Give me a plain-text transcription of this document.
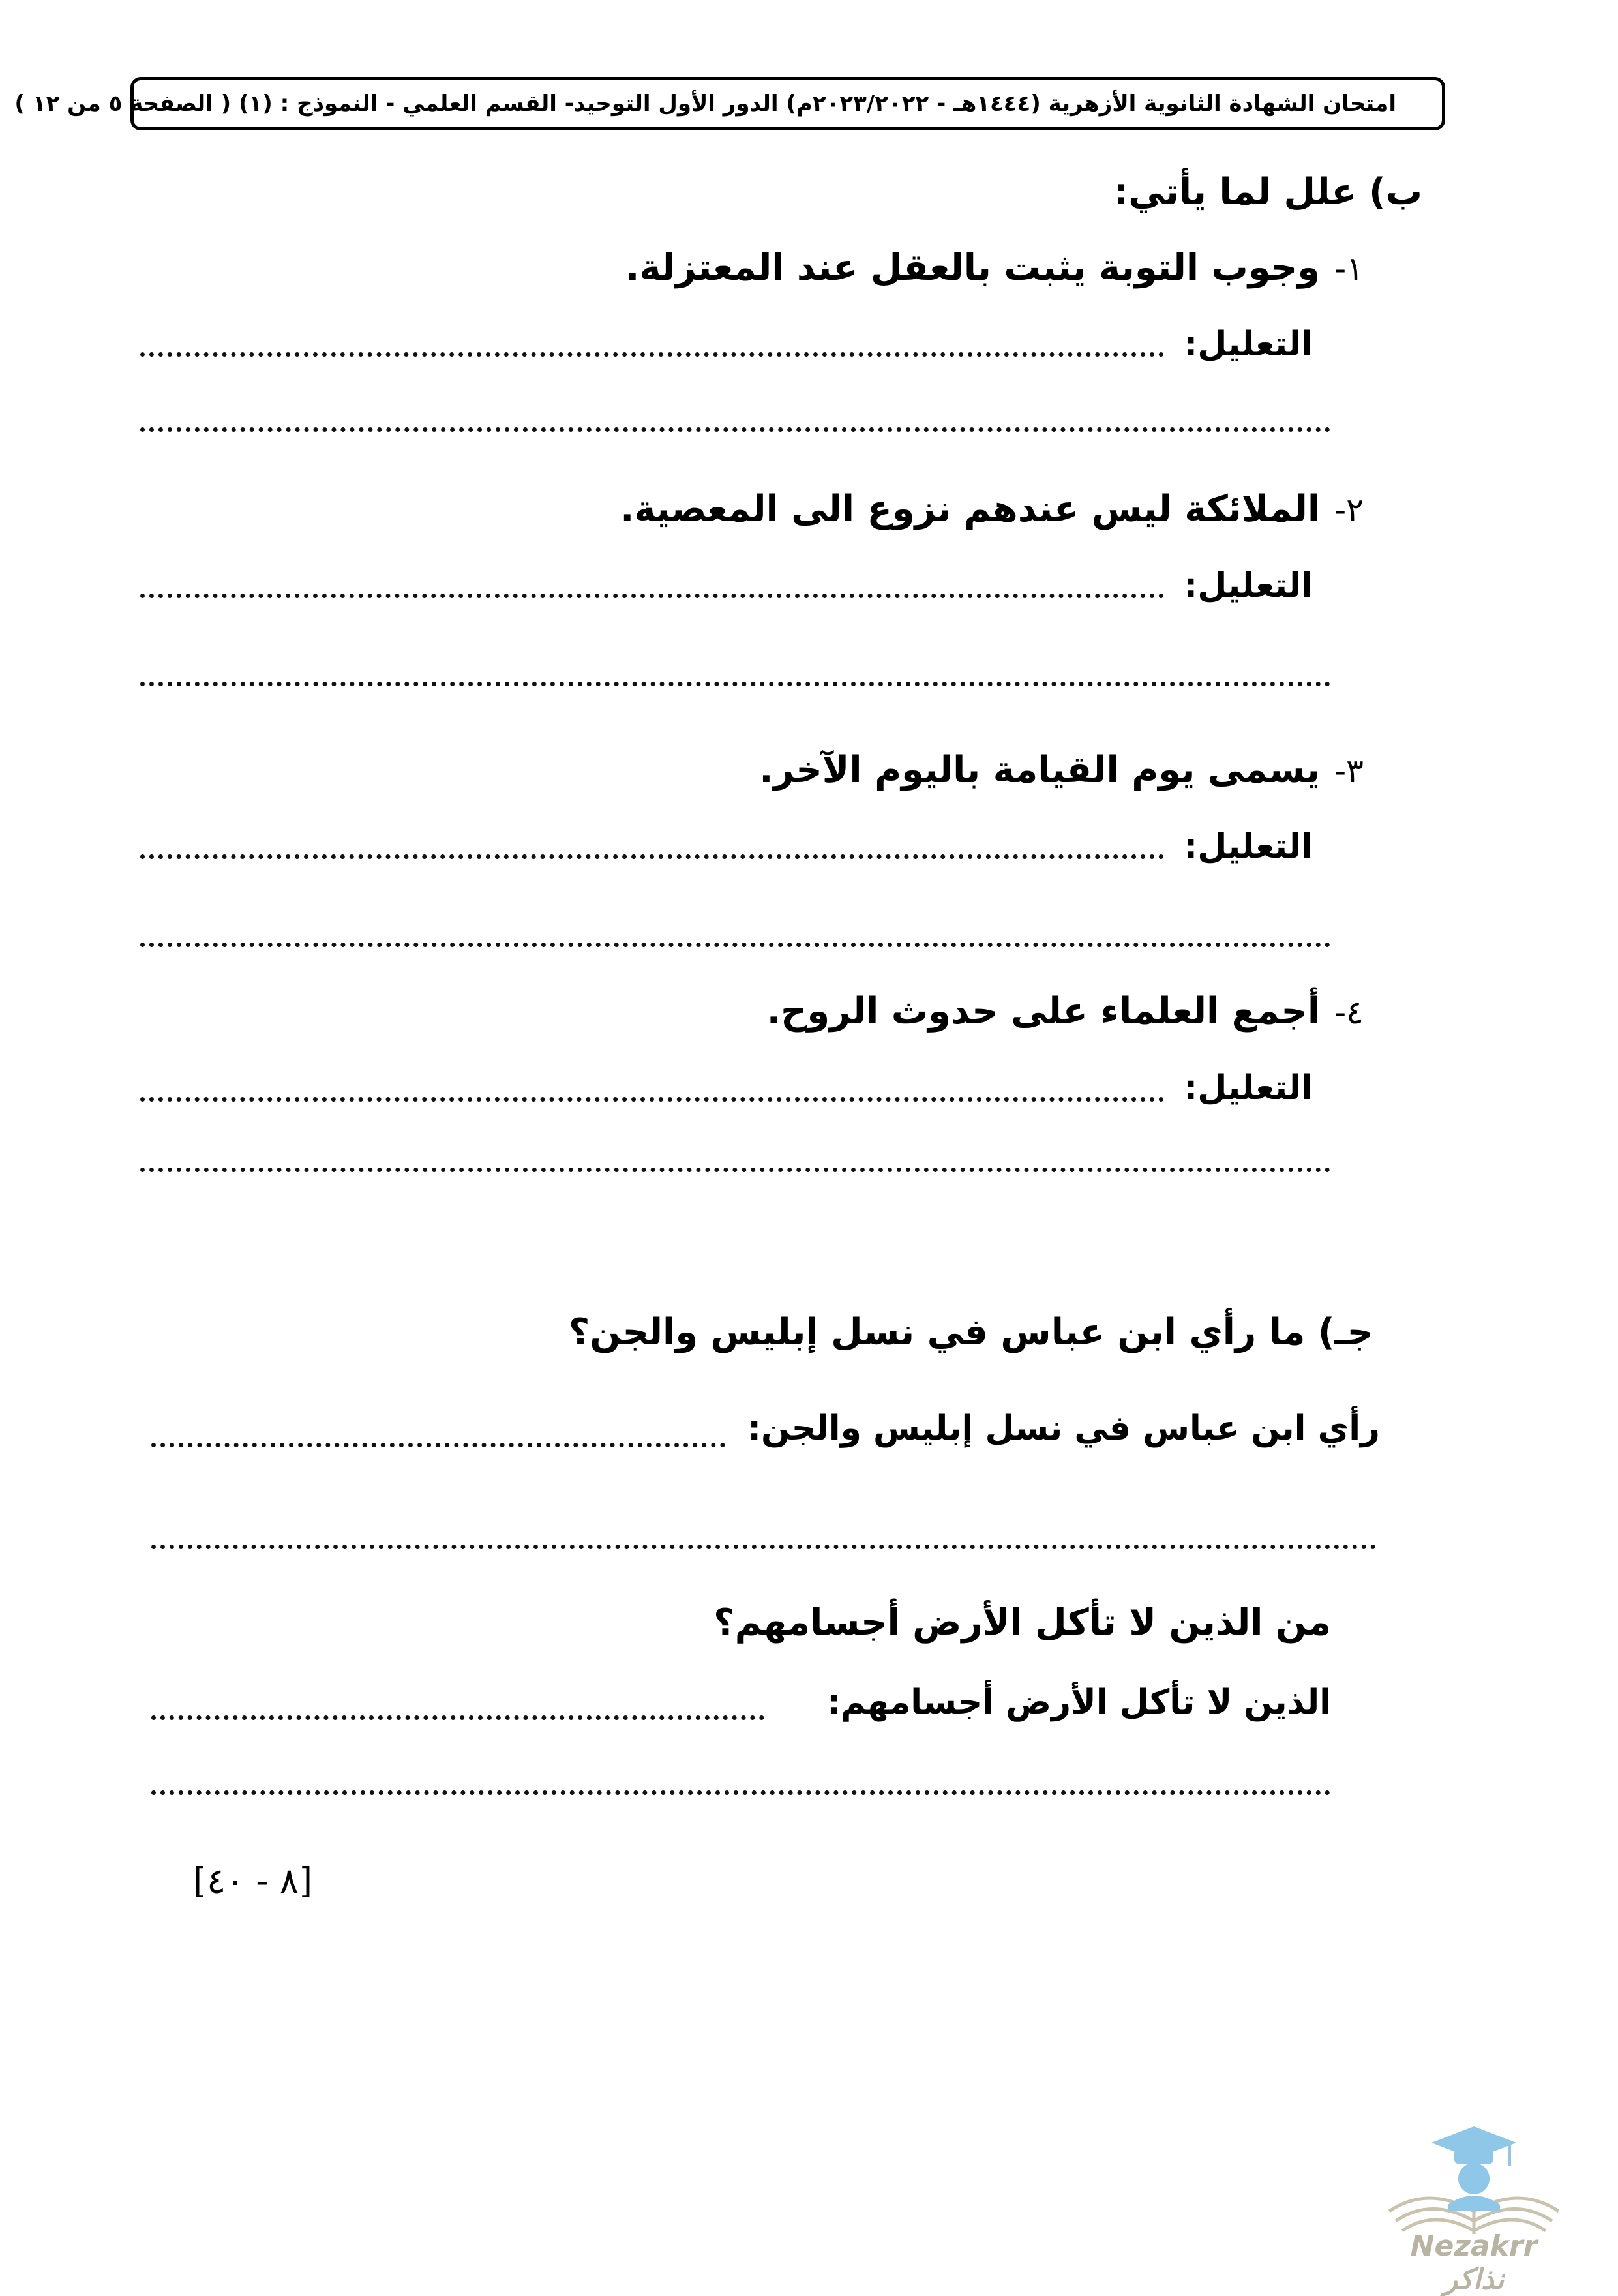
امتحان الشهادة الثانوية الأزهرية (١٤٤٤هـ - ٢٠٢٣/٢٠٢٢م) الدور الأول التوحيد- القسم العلمي - النموذج : (١) ( الصفحة ٥ من ١٢ )
ب) علل لما يأتي:
١-وجوب التوبة يثبت بالعقل عند المعتزلة.
التعليل:
٢-الملائكة ليس عندهم نزوع الى المعصية.
التعليل:
٣-يسمى يوم القيامة باليوم الآخر.
التعليل:
٤-أجمع العلماء على حدوث الروح.
التعليل:
جـ) ما رأي ابن عباس في نسل إبليس والجن؟
رأي ابن عباس في نسل إبليس والجن:
من الذين لا تأكل الأرض أجسامهم؟
الذين لا تأكل الأرض أجسامهم:
[٨ - ٤٠]
Nezakrr نذاكر
